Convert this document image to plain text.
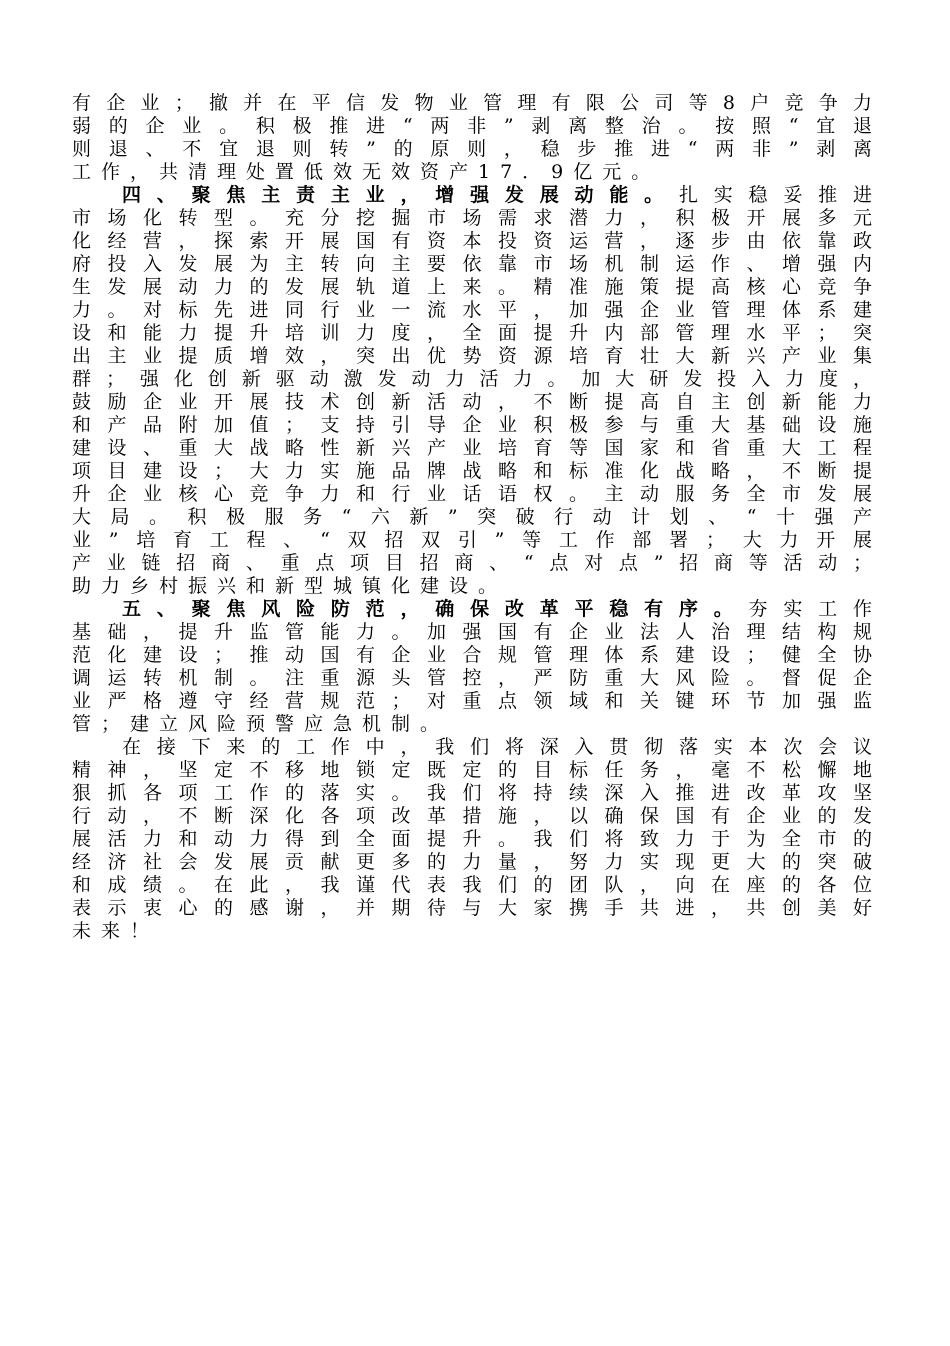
有企业；撤并在平信发物业管理有限公司等8户竞争力
弱的企业。积极推进“两非”剥离整治。按照“宜退
则退、不宜退则转”的原则，稳步推进“两非”剥离
工作，共清理处置低效无效资产17．9亿元。
四、聚焦主责主业，增强发展动能。扎实稳妥推进
市场化转型。充分挖掘市场需求潜力，积极开展多元
化经营，探索开展国有资本投资运营，逐步由依靠政
府投入发展为主转向主要依靠市场机制运作、增强内
生发展动力的发展轨道上来。精准施策提高核心竞争
力。对标先进同行业一流水平，加强企业管理体系建
设和能力提升培训力度，全面提升内部管理水平；突
出主业提质增效，突出优势资源培育壮大新兴产业集
群；强化创新驱动激发动力活力。加大研发投入力度，
鼓励企业开展技术创新活动，不断提高自主创新能力
和产品附加值；支持引导企业积极参与重大基础设施
建设、重大战略性新兴产业培育等国家和省重大工程
项目建设；大力实施品牌战略和标准化战略，不断提
升企业核心竞争力和行业话语权。主动服务全市发展
大局。积极服务“六新”突破行动计划、“十强产
业”培育工程、“双招双引”等工作部署；大力开展
产业链招商、重点项目招商、“点对点”招商等活动；
助力乡村振兴和新型城镇化建设。
五、聚焦风险防范，确保改革平稳有序。夯实工作
基础，提升监管能力。加强国有企业法人治理结构规
范化建设；推动国有企业合规管理体系建设；健全协
调运转机制。注重源头管控，严防重大风险。督促企
业严格遵守经营规范；对重点领域和关键环节加强监
管；建立风险预警应急机制。
在接下来的工作中，我们将深入贯彻落实本次会议
精神，坚定不移地锁定既定的目标任务，毫不松懈地
狠抓各项工作的落实。我们将持续深入推进改革攻坚
行动，不断深化各项改革措施，以确保国有企业的发
展活力和动力得到全面提升。我们将致力于为全市的
经济社会发展贡献更多的力量，努力实现更大的突破
和成绩。在此，我谨代表我们的团队，向在座的各位
表示衷心的感谢，并期待与大家携手共进，共创美好
未来！
